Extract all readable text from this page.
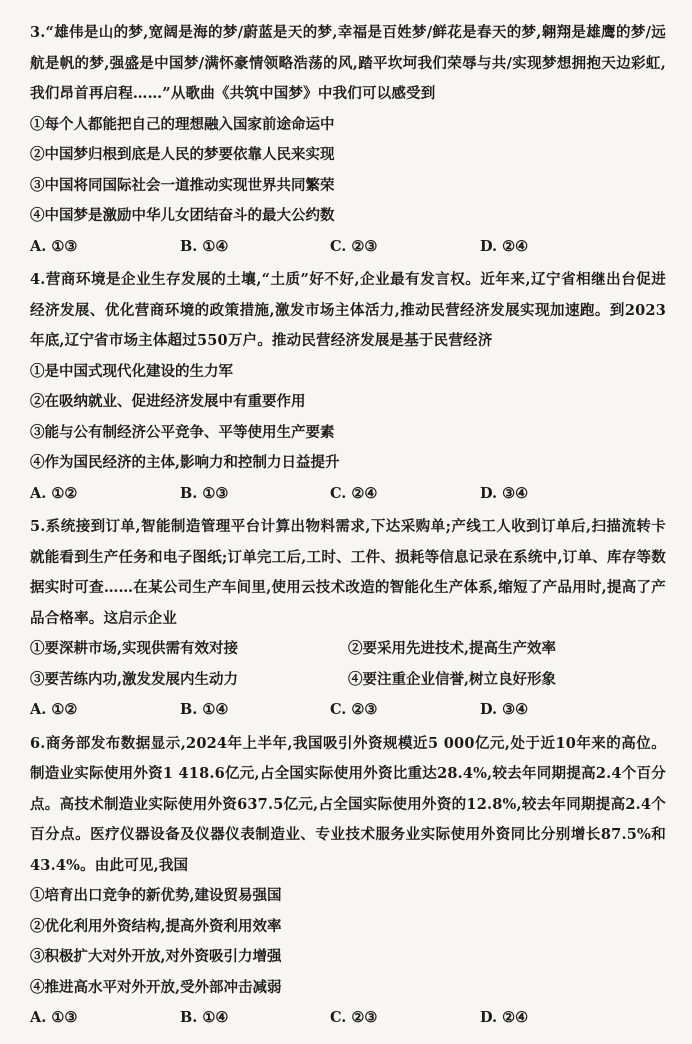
3.“雄伟是山的梦,宽阔是海的梦/蔚蓝是天的梦,幸福是百姓梦/鲜花是春天的梦,翱翔是雄鹰的梦/远航是帆的梦,强盛是中国梦/满怀豪情领略浩荡的风,踏平坎坷我们荣辱与共/实现梦想拥抱天边彩虹,我们昂首再启程……”从歌曲《共筑中国梦》中我们可以感受到
①每个人都能把自己的理想融入国家前途命运中
②中国梦归根到底是人民的梦要依靠人民来实现
③中国将同国际社会一道推动实现世界共同繁荣
④中国梦是激励中华儿女团结奋斗的最大公约数
A. ①③	B. ①④	C. ②③	D. ②④
4.营商环境是企业生存发展的土壤,“土质”好不好,企业最有发言权。近年来,辽宁省相继出台促进经济发展、优化营商环境的政策措施,激发市场主体活力,推动民营经济发展实现加速跑。到2023年底,辽宁省市场主体超过550万户。推动民营经济发展是基于民营经济
①是中国式现代化建设的生力军
②在吸纳就业、促进经济发展中有重要作用
③能与公有制经济公平竞争、平等使用生产要素
④作为国民经济的主体,影响力和控制力日益提升
A. ①②	B. ①③	C. ②④	D. ③④
5.系统接到订单,智能制造管理平台计算出物料需求,下达采购单;产线工人收到订单后,扫描流转卡就能看到生产任务和电子图纸;订单完工后,工时、工件、损耗等信息记录在系统中,订单、库存等数据实时可查……在某公司生产车间里,使用云技术改造的智能化生产体系,缩短了产品用时,提高了产品合格率。这启示企业
①要深耕市场,实现供需有效对接	②要采用先进技术,提高生产效率
③要苦练内功,激发发展内生动力	④要注重企业信誉,树立良好形象
A. ①②	B. ①④	C. ②③	D. ③④
6.商务部发布数据显示,2024年上半年,我国吸引外资规模近5 000亿元,处于近10年来的高位。制造业实际使用外资1 418.6亿元,占全国实际使用外资比重达28.4%,较去年同期提高2.4个百分点。高技术制造业实际使用外资637.5亿元,占全国实际使用外资的12.8%,较去年同期提高2.4个百分点。医疗仪器设备及仪器仪表制造业、专业技术服务业实际使用外资同比分别增长87.5%和43.4%。由此可见,我国
①培育出口竞争的新优势,建设贸易强国
②优化利用外资结构,提高外资利用效率
③积极扩大对外开放,对外资吸引力增强
④推进高水平对外开放,受外部冲击减弱
A. ①③	B. ①④	C. ②③	D. ②④
